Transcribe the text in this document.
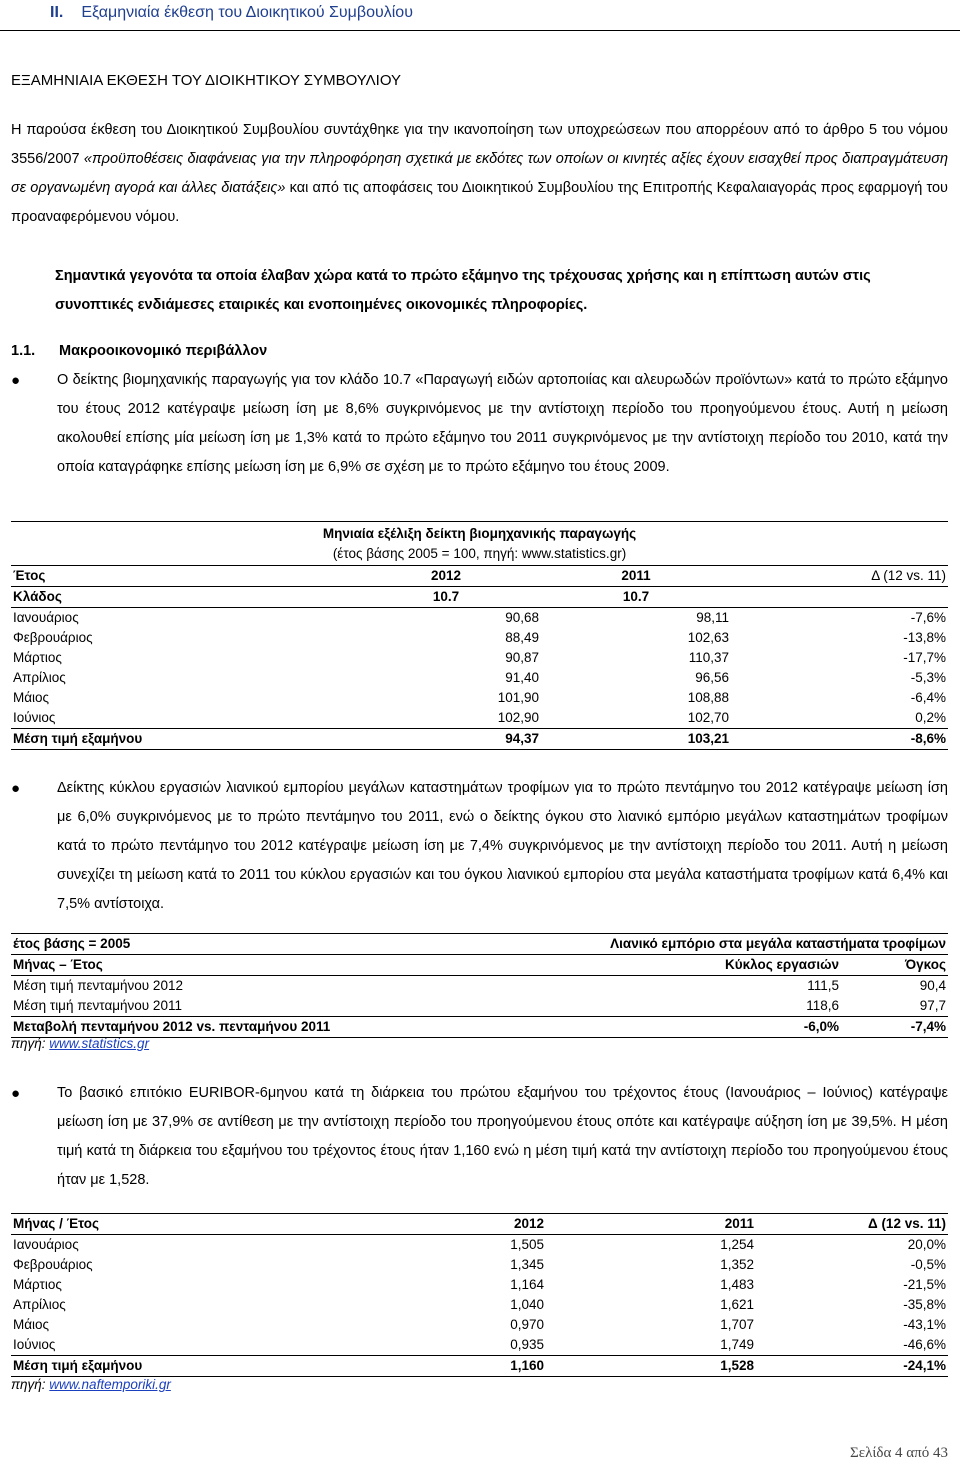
II. Εξαμηνιαία έκθεση του Διοικητικού Συμβουλίου
ΕΞΑΜΗΝΙΑΙΑ ΕΚΘΕΣΗ ΤΟΥ ΔΙΟΙΚΗΤΙΚΟΥ ΣΥΜΒΟΥΛΙΟΥ
Η παρούσα έκθεση του Διοικητικού Συμβουλίου συντάχθηκε για την ικανοποίηση των υποχρεώσεων που απορρέουν από το άρθρο 5 του νόμου 3556/2007 «προϋποθέσεις διαφάνειας για την πληροφόρηση σχετικά με εκδότες των οποίων οι κινητές αξίες έχουν εισαχθεί προς διαπραγμάτευση σε οργανωμένη αγορά και άλλες διατάξεις» και από τις αποφάσεις του Διοικητικού Συμβουλίου της Επιτροπής Κεφαλαιαγοράς προς εφαρμογή του προαναφερόμενου νόμου.
Σημαντικά γεγονότα τα οποία έλαβαν χώρα κατά το πρώτο εξάμηνο της τρέχουσας χρήσης και η επίπτωση αυτών στις συνοπτικές ενδιάμεσες εταιρικές και ενοποιημένες οικονομικές πληροφορίες.
1.1. Μακροοικονομικό περιβάλλον
●	Ο δείκτης βιομηχανικής παραγωγής για τον κλάδο 10.7 «Παραγωγή ειδών αρτοποιίας και αλευρωδών προϊόντων» κατά το πρώτο εξάμηνο του έτους 2012 κατέγραψε μείωση ίση με 8,6% συγκρινόμενος με την αντίστοιχη περίοδο του προηγούμενου έτους. Αυτή η μείωση ακολουθεί επίσης μία μείωση ίση με 1,3% κατά το πρώτο εξάμηνο του 2011 συγκρινόμενος με την αντίστοιχη περίοδο του 2010, κατά την οποία καταγράφηκε επίσης μείωση ίση με 6,9% σε σχέση με το πρώτο εξάμηνο του έτους 2009.
Μηνιαία εξέλιξη δείκτη βιομηχανικής παραγωγής
(έτος βάσης 2005 = 100, πηγή: www.statistics.gr)
Έτος	2012	2011	Δ (12 vs. 11)
Κλάδος	10.7	10.7	
Ιανουάριος	90,68	98,11	-7,6%
Φεβρουάριος	88,49	102,63	-13,8%
Μάρτιος	90,87	110,37	-17,7%
Απρίλιος	91,40	96,56	-5,3%
Μάιος	101,90	108,88	-6,4%
Ιούνιος	102,90	102,70	0,2%
Μέση τιμή εξαμήνου	94,37	103,21	-8,6%
●	Δείκτης κύκλου εργασιών λιανικού εμπορίου μεγάλων καταστημάτων τροφίμων για το πρώτο πεντάμηνο του 2012 κατέγραψε μείωση ίση με 6,0% συγκρινόμενος με το πρώτο πεντάμηνο του 2011, ενώ ο δείκτης όγκου στο λιανικό εμπόριο μεγάλων καταστημάτων τροφίμων κατά το πρώτο πεντάμηνο του 2012 κατέγραψε μείωση ίση με 7,4% συγκρινόμενος με την αντίστοιχη περίοδο του 2011. Αυτή η μείωση συνεχίζει τη μείωση κατά το 2011 του κύκλου εργασιών και του όγκου λιανικού εμπορίου στα μεγάλα καταστήματα τροφίμων κατά 6,4% και 7,5% αντίστοιχα.
έτος βάσης = 2005	Λιανικό εμπόριο στα μεγάλα καταστήματα τροφίμων	
Μήνας – Έτος	Κύκλος εργασιών	Όγκος
Μέση τιμή πενταμήνου 2012	111,5	90,4
Μέση τιμή πενταμήνου 2011	118,6	97,7
Μεταβολή πενταμήνου 2012 vs. πενταμήνου 2011	-6,0%	-7,4%
πηγή: www.statistics.gr
●	Το βασικό επιτόκιο EURIBOR-6μηνου κατά τη διάρκεια του πρώτου εξαμήνου του τρέχοντος έτους (Ιανουάριος – Ιούνιος) κατέγραψε μείωση ίση με 37,9% σε αντίθεση με την αντίστοιχη περίοδο του προηγούμενου έτους οπότε και κατέγραψε αύξηση ίση με 39,5%. Η μέση τιμή κατά τη διάρκεια του εξαμήνου του τρέχοντος έτους ήταν 1,160 ενώ η μέση τιμή κατά την αντίστοιχη περίοδο του προηγούμενου έτους ήταν με 1,528.
Μήνας / Έτος	2012	2011	Δ (12 vs. 11)
Ιανουάριος	1,505	1,254	20,0%
Φεβρουάριος	1,345	1,352	-0,5%
Μάρτιος	1,164	1,483	-21,5%
Απρίλιος	1,040	1,621	-35,8%
Μάιος	0,970	1,707	-43,1%
Ιούνιος	0,935	1,749	-46,6%
Μέση τιμή εξαμήνου	1,160	1,528	-24,1%
πηγή: www.naftemporiki.gr
Σελίδα 4 από 43
